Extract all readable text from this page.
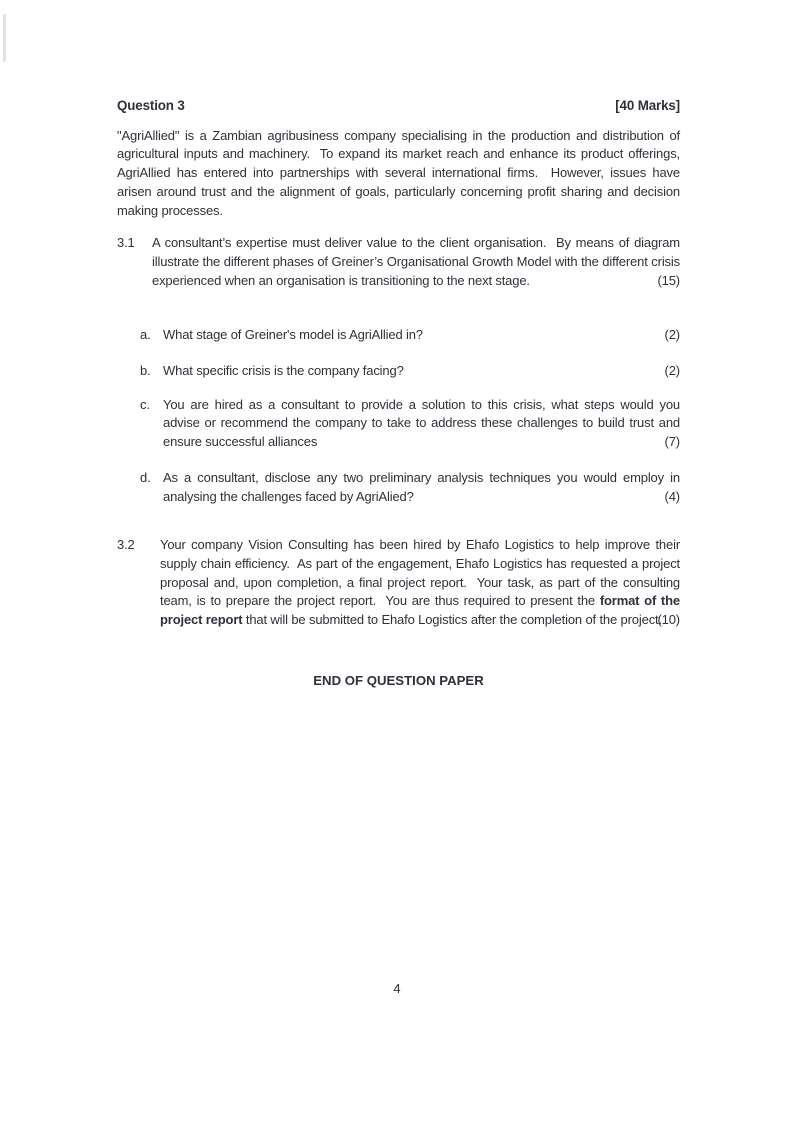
Question 3	[40 Marks]

"AgriAllied" is a Zambian agribusiness company specialising in the production and distribution of agricultural inputs and machinery.  To expand its market reach and enhance its product offerings, AgriAllied has entered into partnerships with several international firms.  However, issues have arisen around trust and the alignment of goals, particularly concerning profit sharing and decision making processes.

3.1	A consultant’s expertise must deliver value to the client organisation.  By means of diagram illustrate the different phases of Greiner’s Organisational Growth Model with the different crisis experienced when an organisation is transitioning to the next stage.	(15)
a. What stage of Greiner's model is AgriAllied in?	(2)
b. What specific crisis is the company facing?	(2)
c.	You are hired as a consultant to provide a solution to this crisis, what steps would you advise or recommend the company to take to address these challenges to build trust and ensure successful alliances	(7)
d. As a consultant, disclose any two preliminary analysis techniques you would employ in analysing the challenges faced by AgriAlied?	(4)
3.2	Your company Vision Consulting has been hired by Ehafo Logistics to help improve their supply chain efficiency.  As part of the engagement, Ehafo Logistics has requested a project proposal and, upon completion, a final project report.  Your task, as part of the consulting team, is to prepare the project report.  You are thus required to present the format of the project report that will be submitted to Ehafo Logistics after the completion of the project.
(10)
END OF QUESTION PAPER
4
